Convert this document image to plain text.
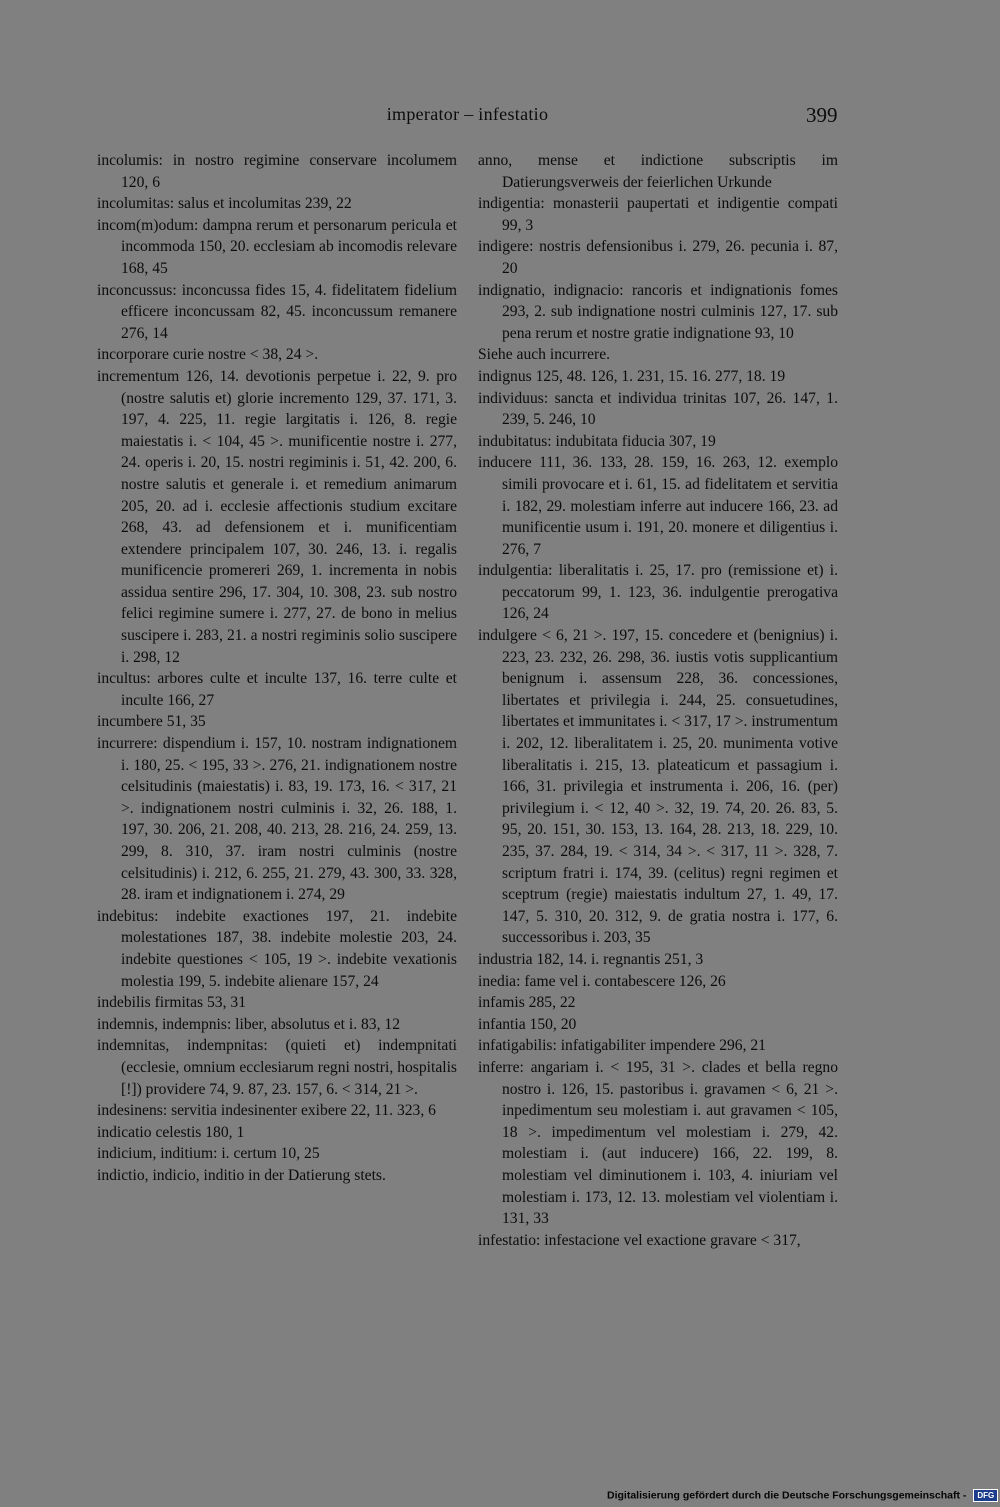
imperator – infestatio	399

incolumis: in nostro regimine conservare incolumem 120, 6

incolumitas: salus et incolumitas 239, 22

incom(m)odum: dampna rerum et personarum pericula et incommoda 150, 20. ecclesiam ab incomodis relevare 168, 45

inconcussus: inconcussa fides 15, 4. fidelitatem fidelium efficere inconcussam 82, 45. inconcussum remanere 276, 14

incorporare curie nostre < 38, 24 >.

incrementum 126, 14. devotionis perpetue i. 22, 9. pro (nostre salutis et) glorie incremento 129, 37. 171, 3. 197, 4. 225, 11. regie largitatis i. 126, 8. regie maiestatis i. < 104, 45 >. munificentie nostre i. 277, 24. operis i. 20, 15. nostri regiminis i. 51, 42. 200, 6. nostre salutis et generale i. et remedium animarum 205, 20. ad i. ecclesie affectionis studium excitare 268, 43. ad defensionem et i. munificentiam extendere principalem 107, 30. 246, 13. i. regalis munificencie promereri 269, 1. incrementa in nobis assidua sentire 296, 17. 304, 10. 308, 23. sub nostro felici regimine sumere i. 277, 27. de bono in melius suscipere i. 283, 21. a nostri regiminis solio suscipere i. 298, 12

incultus: arbores culte et inculte 137, 16. terre culte et inculte 166, 27

incumbere 51, 35

incurrere: dispendium i. 157, 10. nostram indignationem i. 180, 25. < 195, 33 >. 276, 21. indignationem nostre celsitudinis (maiestatis) i. 83, 19. 173, 16. < 317, 21 >. indignationem nostri culminis i. 32, 26. 188, 1. 197, 30. 206, 21. 208, 40. 213, 28. 216, 24. 259, 13. 299, 8. 310, 37. iram nostri culminis (nostre celsitudinis) i. 212, 6. 255, 21. 279, 43. 300, 33. 328, 28. iram et indignationem i. 274, 29

indebitus: indebite exactiones 197, 21. indebite molestationes 187, 38. indebite molestie 203, 24. indebite questiones < 105, 19 >. indebite vexationis molestia 199, 5. indebite alienare 157, 24

indebilis firmitas 53, 31

indemnis, indempnis: liber, absolutus et i. 83, 12

indemnitas, indempnitas: (quieti et) indempnitati (ecclesie, omnium ecclesiarum regni nostri, hospitalis [!]) providere 74, 9. 87, 23. 157, 6. < 314, 21 >.

indesinens: servitia indesinenter exibere 22, 11. 323, 6

indicatio celestis 180, 1

indicium, inditium: i. certum 10, 25

indictio, indicio, inditio in der Datierung stets.

anno, mense et indictione subscriptis im Datierungsverweis der feierlichen Urkunde

indigentia: monasterii paupertati et indigentie compati 99, 3

indigere: nostris defensionibus i. 279, 26. pecunia i. 87, 20

indignatio, indignacio: rancoris et indignationis fomes 293, 2. sub indignatione nostri culminis 127, 17. sub pena rerum et nostre gratie indignatione 93, 10

Siehe auch incurrere.

indignus 125, 48. 126, 1. 231, 15. 16. 277, 18. 19

individuus: sancta et individua trinitas 107, 26. 147, 1. 239, 5. 246, 10

indubitatus: indubitata fiducia 307, 19

inducere 111, 36. 133, 28. 159, 16. 263, 12. exemplo simili provocare et i. 61, 15. ad fidelitatem et servitia i. 182, 29. molestiam inferre aut inducere 166, 23. ad munificentie usum i. 191, 20. monere et diligentius i. 276, 7

indulgentia: liberalitatis i. 25, 17. pro (remissione et) i. peccatorum 99, 1. 123, 36. indulgentie prerogativa 126, 24

indulgere < 6, 21 >. 197, 15. concedere et (benignius) i. 223, 23. 232, 26. 298, 36. iustis votis supplicantium benignum i. assensum 228, 36. concessiones, libertates et privilegia i. 244, 25. consuetudines, libertates et immunitates i. < 317, 17 >. instrumentum i. 202, 12. liberalitatem i. 25, 20. munimenta votive liberalitatis i. 215, 13. plateaticum et passagium i. 166, 31. privilegia et instrumenta i. 206, 16. (per) privilegium i. < 12, 40 >. 32, 19. 74, 20. 26. 83, 5. 95, 20. 151, 30. 153, 13. 164, 28. 213, 18. 229, 10. 235, 37. 284, 19. < 314, 34 >. < 317, 11 >. 328, 7. scriptum fratri i. 174, 39. (celitus) regni regimen et sceptrum (regie) maiestatis indultum 27, 1. 49, 17. 147, 5. 310, 20. 312, 9. de gratia nostra i. 177, 6. successoribus i. 203, 35

industria 182, 14. i. regnantis 251, 3

inedia: fame vel i. contabescere 126, 26

infamis 285, 22

infantia 150, 20

infatigabilis: infatigabiliter impendere 296, 21

inferre: angariam i. < 195, 31 >. clades et bella regno nostro i. 126, 15. pastoribus i. gravamen < 6, 21 >. inpedimentum seu molestiam i. aut gravamen < 105, 18 >. impedimentum vel molestiam i. 279, 42. molestiam i. (aut inducere) 166, 22. 199, 8. molestiam vel diminutionem i. 103, 4. iniuriam vel molestiam i. 173, 12. 13. molestiam vel violentiam i. 131, 33

infestatio: infestacione vel exactione gravare < 317,

Digitalisierung gefördert durch die Deutsche Forschungsgemeinschaft - DFG
